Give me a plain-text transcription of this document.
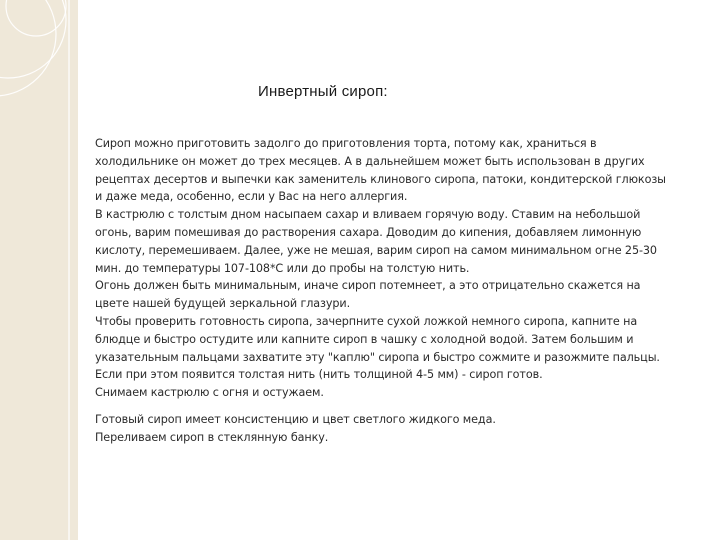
Инвертный сироп:

Сироп можно приготовить задолго до приготовления торта, потому как, храниться в

холодильнике он может до трех месяцев. А в дальнейшем может быть использован в других

рецептах десертов и выпечки как заменитель клинового сиропа, патоки, кондитерской глюкозы

и даже меда, особенно, если у Вас на него аллергия.

В кастрюлю с толстым дном насыпаем сахар и вливаем горячую воду. Ставим на небольшой

огонь, варим помешивая до растворения сахара. Доводим до кипения, добавляем лимонную

кислоту, перемешиваем. Далее, уже не мешая, варим сироп на самом минимальном огне 25-30

мин. до температуры 107-108*С или до пробы на толстую нить.

Огонь должен быть минимальным, иначе сироп потемнеет, а это отрицательно скажется на

цвете нашей будущей зеркальной глазури.

Чтобы проверить готовность сиропа, зачерпните сухой ложкой немного сиропа, капните на

блюдце и быстро остудите или капните сироп в чашку с холодной водой. Затем большим и

указательным пальцами захватите эту "каплю" сиропа и быстро сожмите и разожмите пальцы.

Если при этом появится толстая нить (нить толщиной 4-5 мм) - сироп готов.

Снимаем кастрюлю с огня и остужаем.

Готовый сироп имеет консистенцию и цвет светлого жидкого меда.

Переливаем сироп в стеклянную банку.
